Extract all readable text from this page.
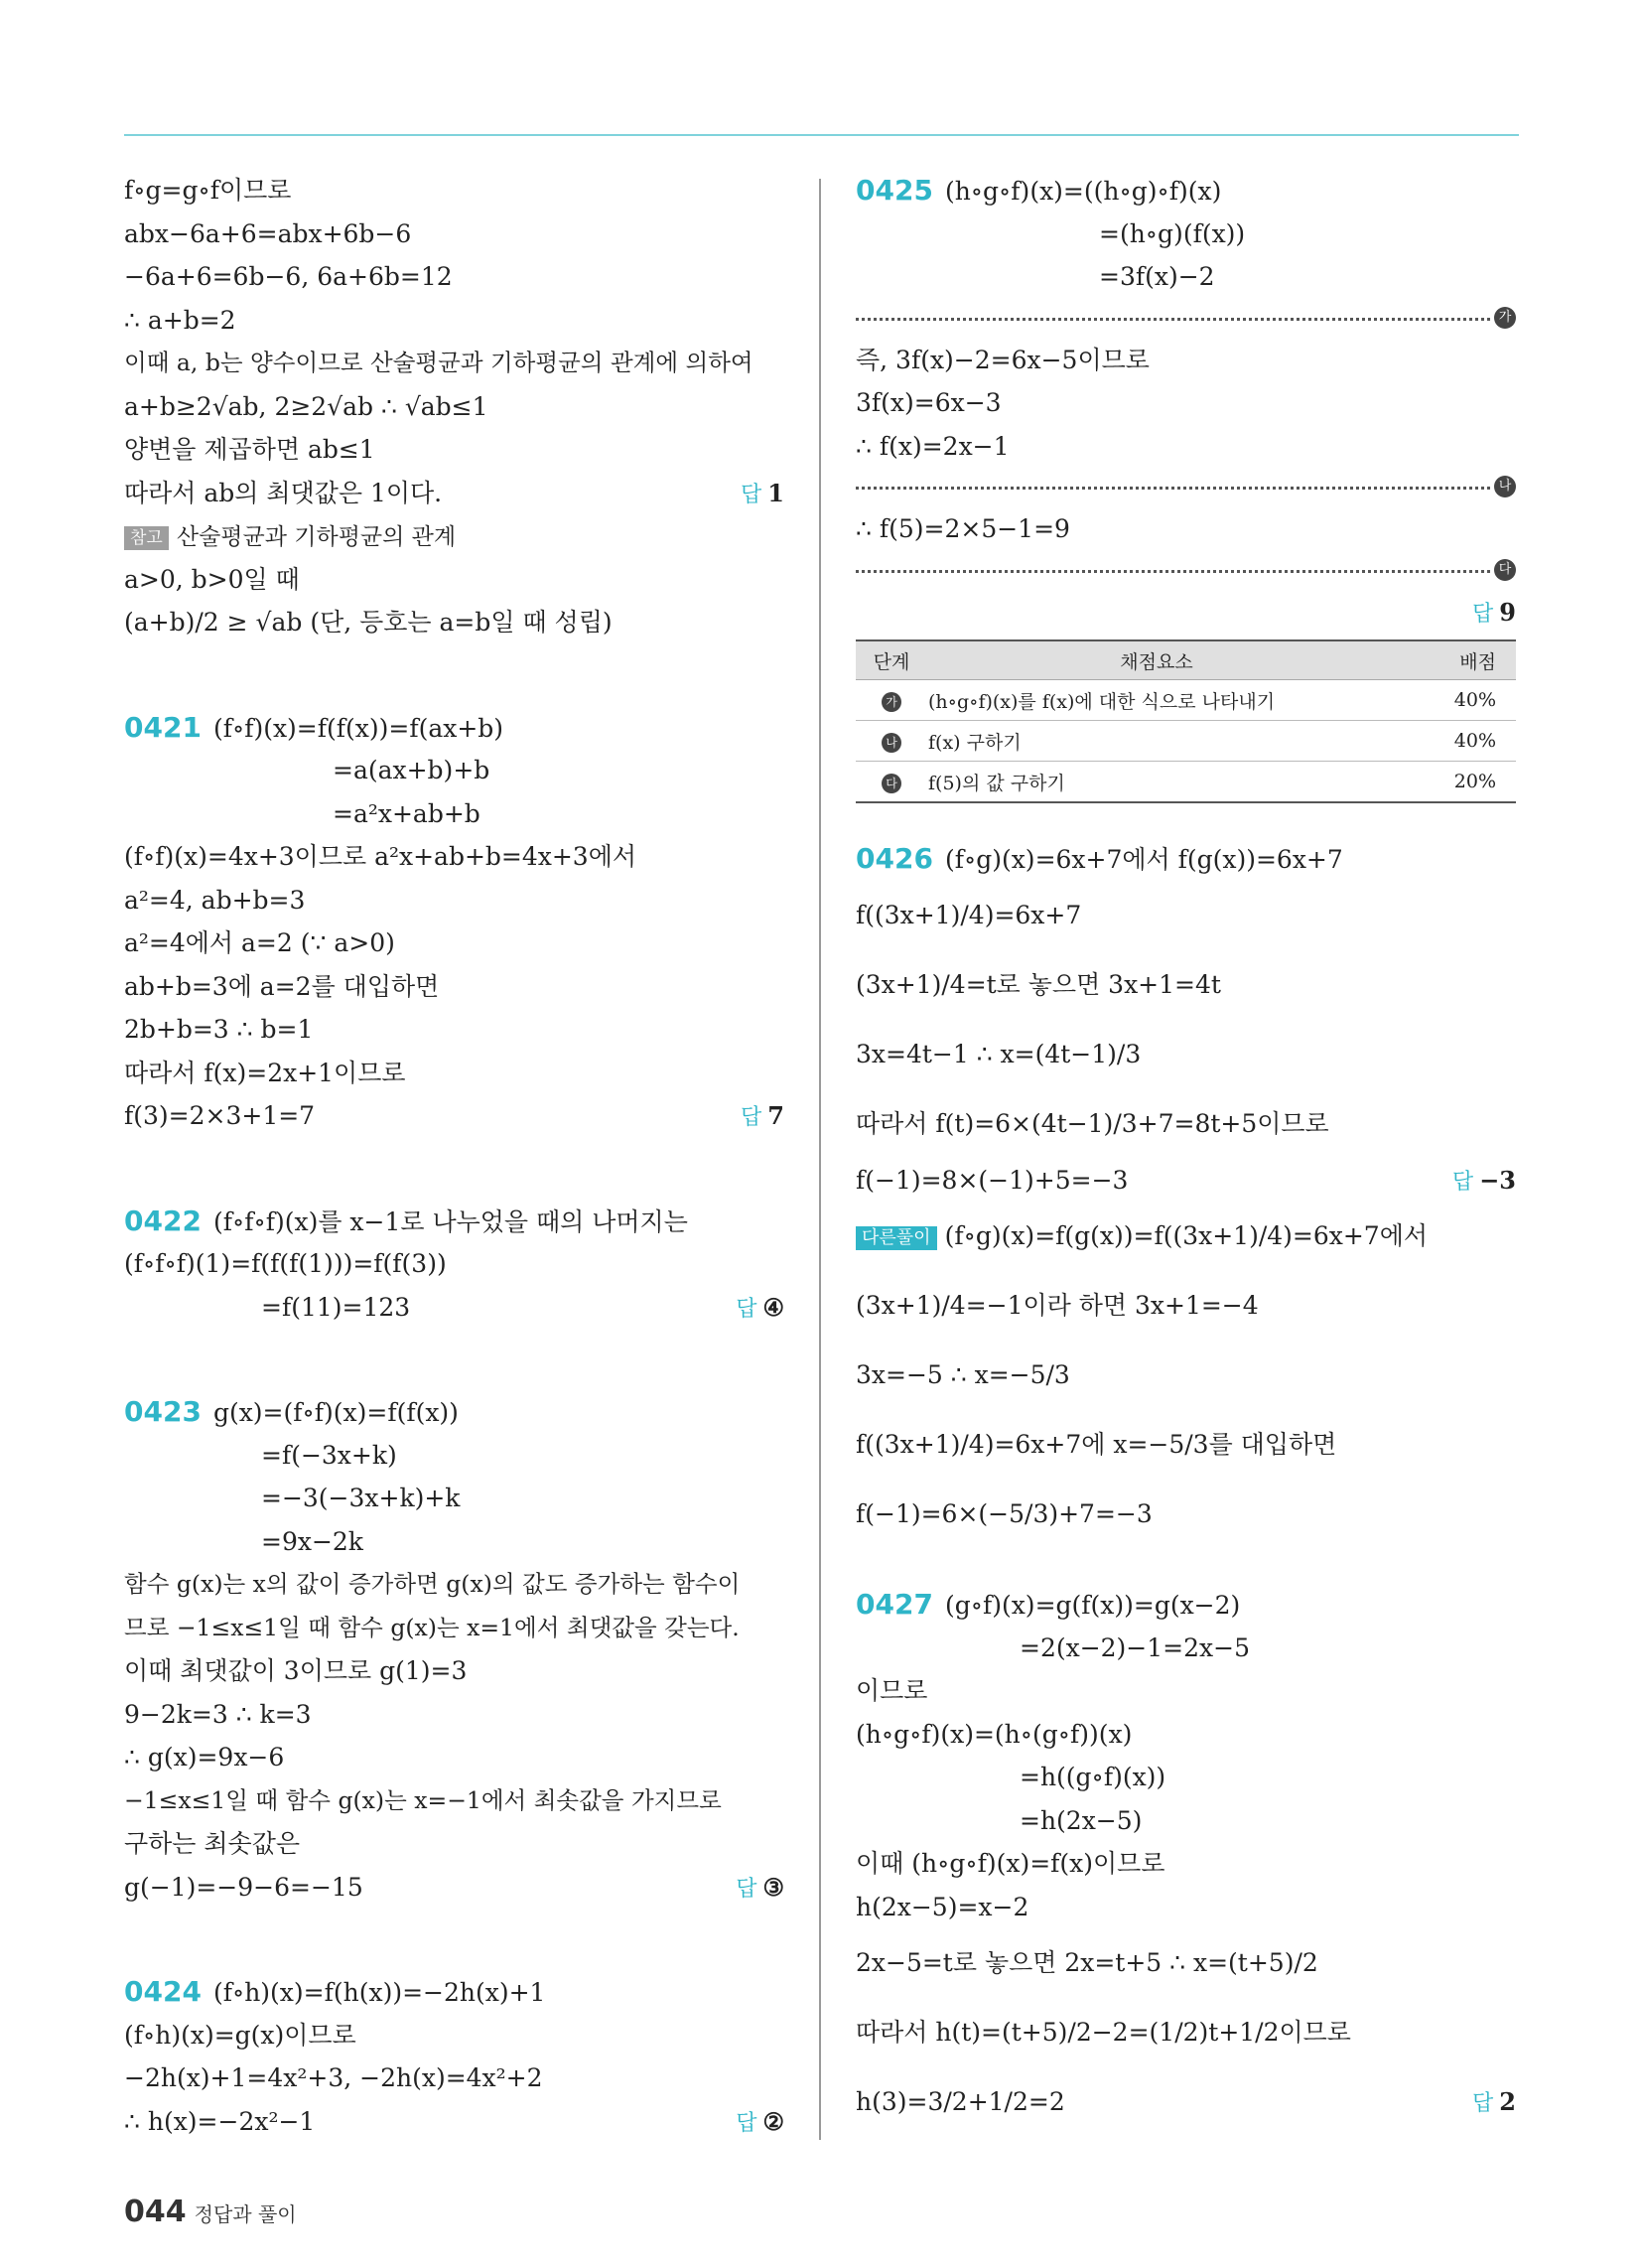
f∘g=g∘f이므로
abx−6a+6=abx+6b−6
−6a+6=6b−6, 6a+6b=12
∴ a+b=2
이때 a, b는 양수이므로 산술평균과 기하평균의 관계에 의하여
a+b≥2√ab, 2≥2√ab ∴ √ab≤1
양변을 제곱하면 ab≤1
따라서 ab의 최댓값은 1이다.	답 1
참고 산술평균과 기하평균의 관계
a>0, b>0일 때
(a+b)/2 ≥ √ab (단, 등호는 a=b일 때 성립)
0421 (f∘f)(x)=f(f(x))=f(ax+b)
=a(ax+b)+b
=a²x+ab+b
(f∘f)(x)=4x+3이므로 a²x+ab+b=4x+3에서
a²=4, ab+b=3
a²=4에서 a=2 (∵ a>0)
ab+b=3에 a=2를 대입하면
2b+b=3 ∴ b=1
따라서 f(x)=2x+1이므로
f(3)=2×3+1=7	답 7
0422 (f∘f∘f)(x)를 x−1로 나누었을 때의 나머지는
(f∘f∘f)(1)=f(f(f(1)))=f(f(3))
=f(11)=123	답 ④
0423 g(x)=(f∘f)(x)=f(f(x))
=f(−3x+k)
=−3(−3x+k)+k
=9x−2k
함수 g(x)는 x의 값이 증가하면 g(x)의 값도 증가하는 함수이
므로 −1≤x≤1일 때 함수 g(x)는 x=1에서 최댓값을 갖는다.
이때 최댓값이 3이므로 g(1)=3
9−2k=3 ∴ k=3
∴ g(x)=9x−6
−1≤x≤1일 때 함수 g(x)는 x=−1에서 최솟값을 가지므로
구하는 최솟값은
g(−1)=−9−6=−15	답 ③
0424 (f∘h)(x)=f(h(x))=−2h(x)+1
(f∘h)(x)=g(x)이므로
−2h(x)+1=4x²+3, −2h(x)=4x²+2
∴ h(x)=−2x²−1	답 ②
0425 (h∘g∘f)(x)=((h∘g)∘f)(x)
=(h∘g)(f(x))
=3f(x)−2
가
즉, 3f(x)−2=6x−5이므로
3f(x)=6x−3
∴ f(x)=2x−1
나
∴ f(5)=2×5−1=9
다
답 9
단계	채점요소	배점
가	(h∘g∘f)(x)를 f(x)에 대한 식으로 나타내기	40%
나	f(x) 구하기	40%
다	f(5)의 값 구하기	20%
0426 (f∘g)(x)=6x+7에서 f(g(x))=6x+7
f((3x+1)/4)=6x+7
(3x+1)/4=t로 놓으면 3x+1=4t
3x=4t−1 ∴ x=(4t−1)/3
따라서 f(t)=6×(4t−1)/3+7=8t+5이므로
f(−1)=8×(−1)+5=−3	답 −3
다른풀이 (f∘g)(x)=f(g(x))=f((3x+1)/4)=6x+7에서
(3x+1)/4=−1이라 하면 3x+1=−4
3x=−5 ∴ x=−5/3
f((3x+1)/4)=6x+7에 x=−5/3를 대입하면
f(−1)=6×(−5/3)+7=−3
0427 (g∘f)(x)=g(f(x))=g(x−2)
=2(x−2)−1=2x−5
이므로
(h∘g∘f)(x)=(h∘(g∘f))(x)
=h((g∘f)(x))
=h(2x−5)
이때 (h∘g∘f)(x)=f(x)이므로
h(2x−5)=x−2
2x−5=t로 놓으면 2x=t+5 ∴ x=(t+5)/2
따라서 h(t)=(t+5)/2−2=(1/2)t+1/2이므로
h(3)=3/2+1/2=2	답 2
044 정답과 풀이
